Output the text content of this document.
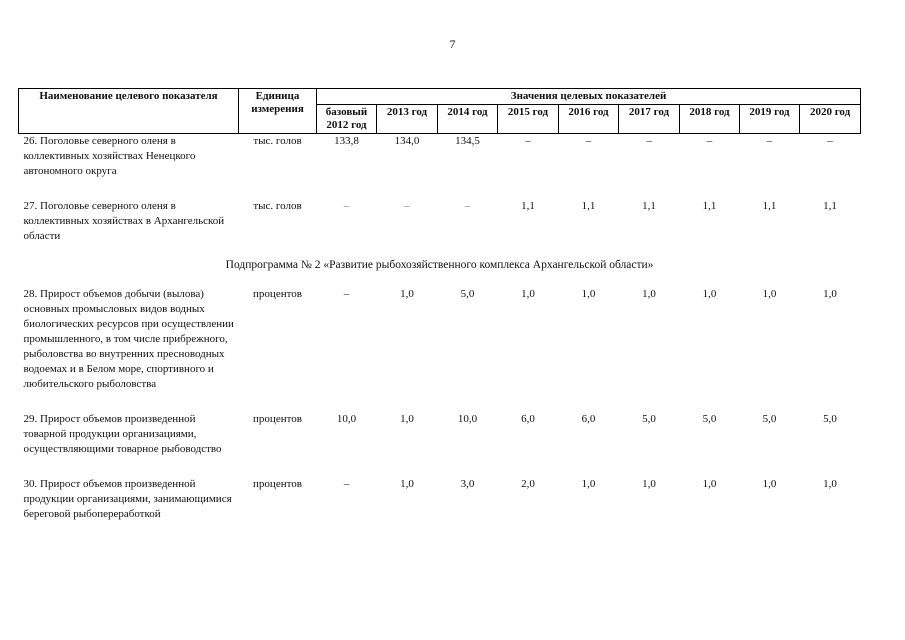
7
Наименование целевого показателя	Единица измерения	Значения целевых показателей								
		базовый 2012 год	2013 год	2014 год	2015 год	2016 год	2017 год	2018 год	2019 год	2020 год
26. Поголовье северного оленя в коллективных хозяйствах Ненецкого автономного округа	тыс. голов	133,8	134,0	134,5	–	–	–	–	–	–

27. Поголовье северного оленя в коллективных хозяйствах в Архангельской области	тыс. голов	–	–	–	1,1	1,1	1,1	1,1	1,1	1,1
Подпрограмма № 2 «Развитие рыбохозяйственного комплекса Архангельской области»										
28. Прирост объемов добычи (вылова) основных промысловых видов водных биологических ресурсов при осуществлении промышленного, в том числе прибрежного, рыболовства во внутренних пресноводных водоемах и в Белом море, спортивного и любительского рыболовства	процентов	–	1,0	5,0	1,0	1,0	1,0	1,0	1,0	1,0

29. Прирост объемов произведенной товарной продукции организациями, осуществляющими товарное рыбоводство	процентов	10,0	1,0	10,0	6,0	6,0	5,0	5,0	5,0	5,0

30. Прирост объемов произведенной продукции организациями, занимающимися береговой рыбопереработкой	процентов	–	1,0	3,0	2,0	1,0	1,0	1,0	1,0	1,0
